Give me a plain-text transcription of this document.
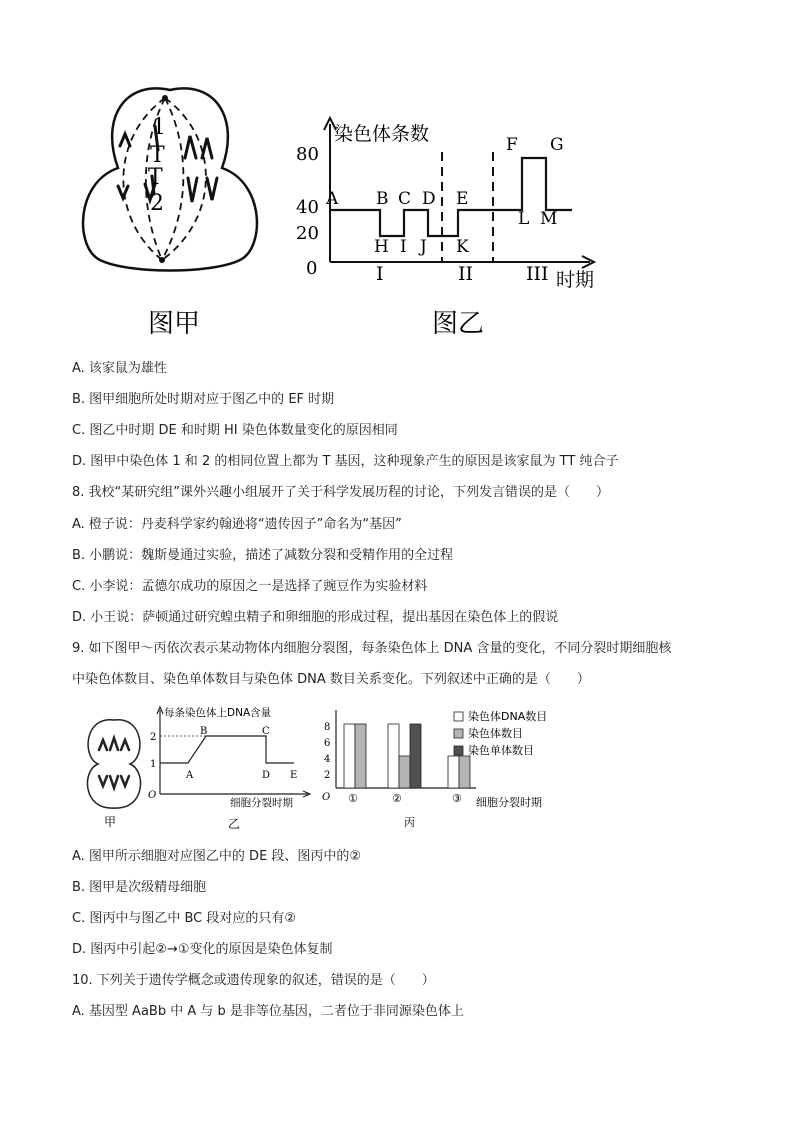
1
T
T
2
图甲
染色体条数
时期
80
40
20
0
A B C D E
F G
H I J K
L M
I	II	III
图乙
A. 该家鼠为雄性
B. 图甲细胞所处时期对应于图乙中的 EF 时期
C. 图乙中时期 DE 和时期 HI 染色体数量变化的原因相同
D. 图甲中染色体 1 和 2 的相同位置上都为 T 基因，这种现象产生的原因是该家鼠为 TT 纯合子
8. 我校“某研究组”课外兴趣小组展开了关于科学发展历程的讨论，下列发言错误的是（　　）
A. 橙子说：丹麦科学家约翰逊将“遗传因子”命名为“基因”
B. 小鹏说：魏斯曼通过实验，描述了减数分裂和受精作用的全过程
C. 小李说：孟德尔成功的原因之一是选择了豌豆作为实验材料
D. 小王说：萨顿通过研究蝗虫精子和卵细胞的形成过程，提出基因在染色体上的假说
9. 如下图甲～丙依次表示某动物体内细胞分裂图，每条染色体上 DNA 含量的变化，不同分裂时期细胞核
中染色体数目、染色单体数目与染色体 DNA 数目关系变化。下列叙述中正确的是（　　）
甲
每条染色体上DNA含量
细胞分裂时期
O
2
1
A
B	C
D E
乙
O
8
6
4
2
①	②	③ 细胞分裂时期
染色体DNA数目
染色体数目
染色单体数目
丙
A. 图甲所示细胞对应图乙中的 DE 段、图丙中的②
B. 图甲是次级精母细胞
C. 图丙中与图乙中 BC 段对应的只有②
D. 图丙中引起②→①变化的原因是染色体复制
10. 下列关于遗传学概念或遗传现象的叙述，错误的是（　　）
A. 基因型 AaBb 中 A 与 b 是非等位基因，二者位于非同源染色体上
